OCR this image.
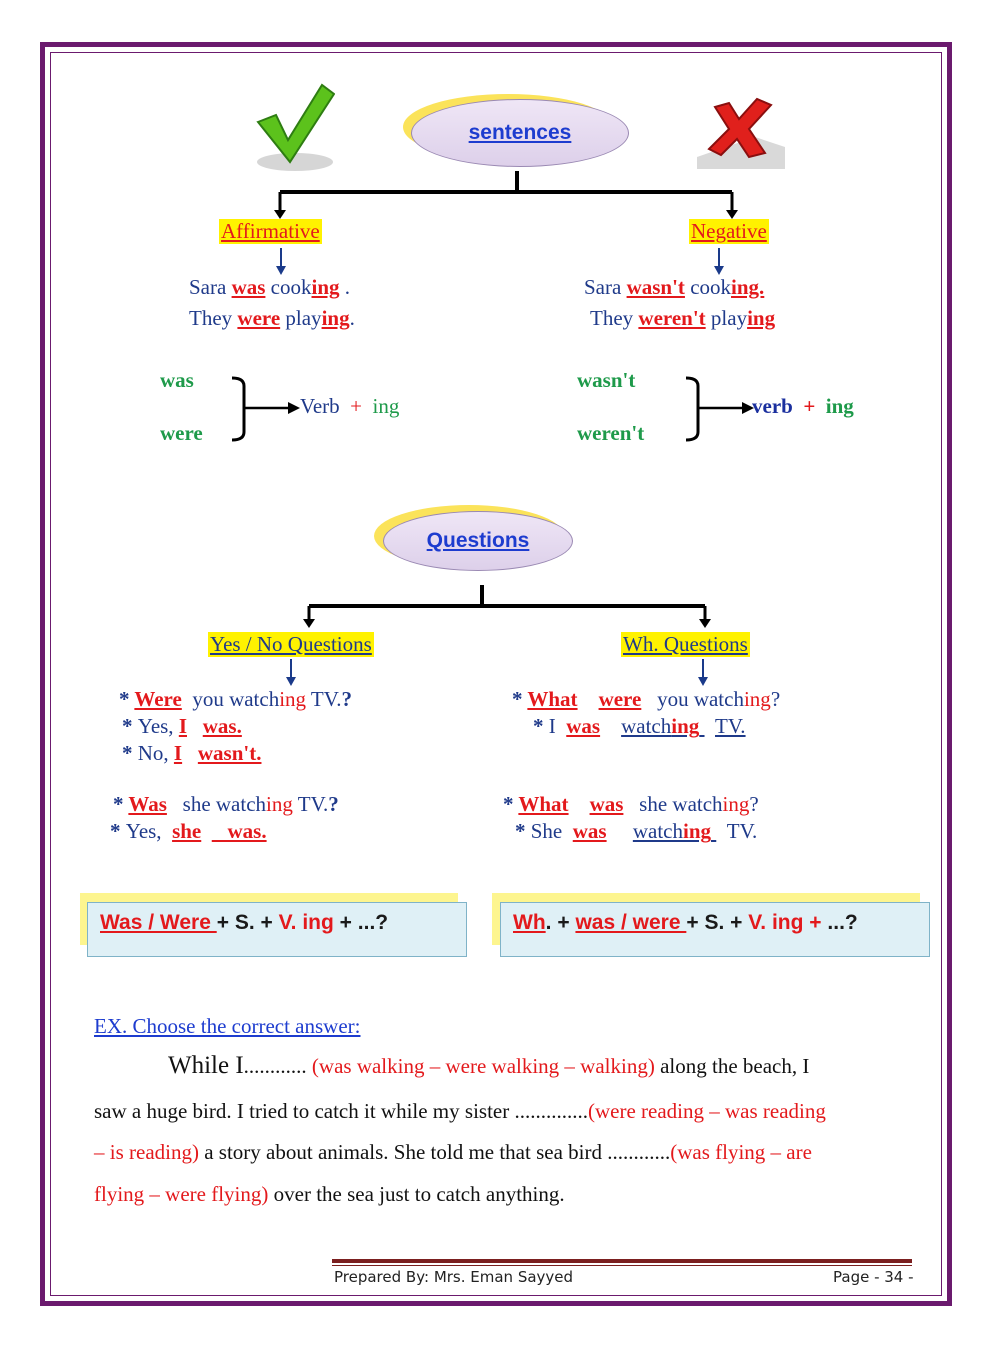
sentences
Affirmative	Negative
Sara was cooking .
They were playing.
Sara wasn't cooking.
They weren't playing
was
were
Verb + ing
wasn't
weren't
verb + ing
Questions
Yes / No Questions	Wh. Questions
* Were  you watching TV.?
* Yes, I was.
* No, I wasn't.
* Was   she watching TV.?
* Yes,  she     was.
* What were   you watching?
* I  was watching TV.
* What was   she watching?
* She  was watching TV.
Was / Were + S. + V. ing + ...?	Wh. + was / were + S. + V. ing + ...?
EX. Choose the correct answer:
While I............ (was walking – were walking – walking) along the beach, I
saw a huge bird. I tried to catch it while my sister ..............(were reading – was reading
– is reading) a story about animals. She told me that sea bird ............(was flying – are
flying – were flying) over the sea just to catch anything.
Prepared By: Mrs. Eman Sayyed	Page - 34 -
